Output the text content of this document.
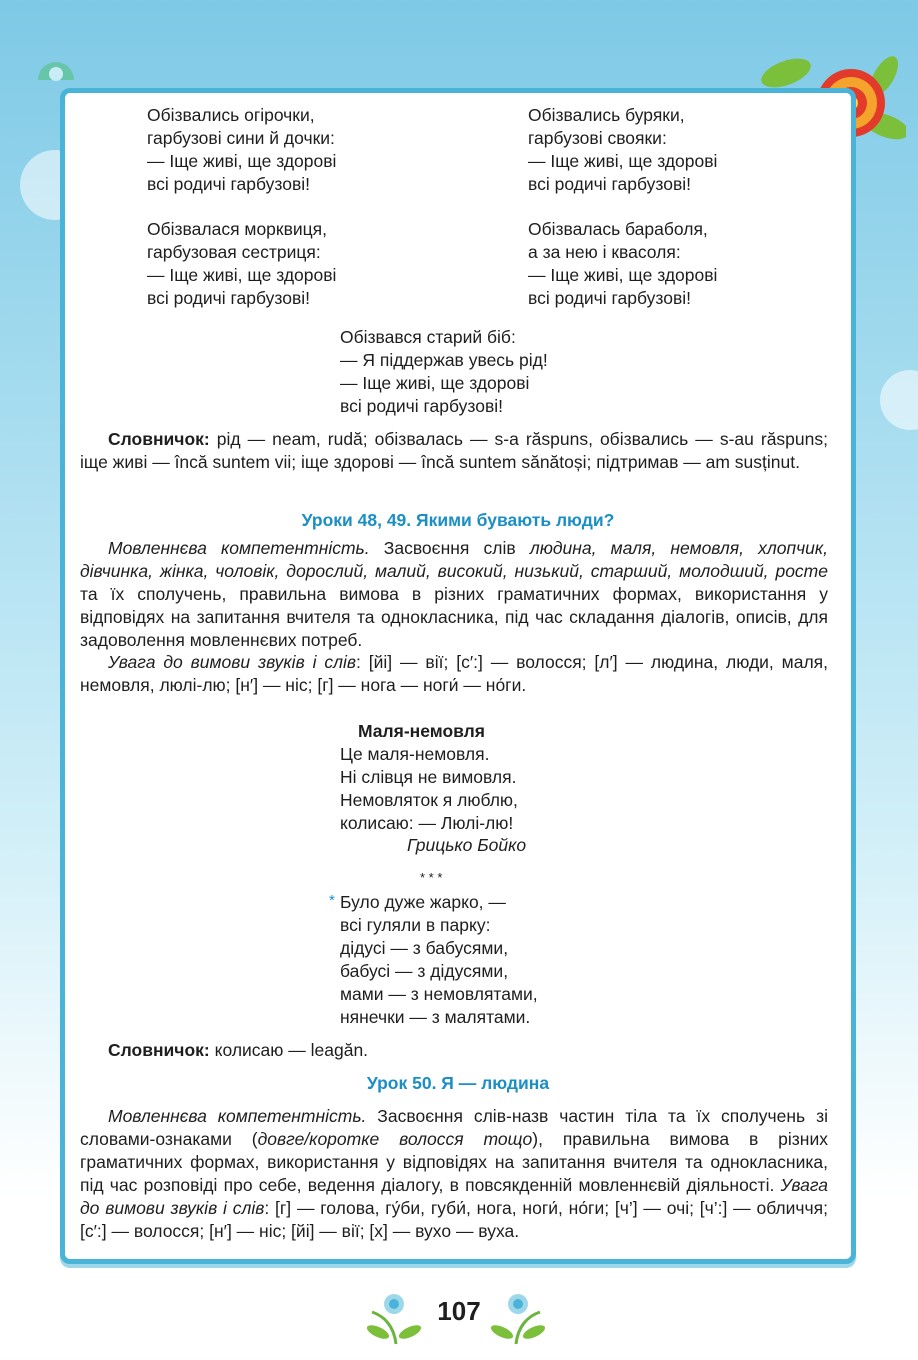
Обізвались огірочки,
гарбузові сини й дочки:
— Іще живі, ще здорові
всі родичі гарбузові!
Обізвались буряки,
гарбузові свояки:
— Іще живі, ще здорові
всі родичі гарбузові!
Обізвалася морквиця,
гарбузовая сестриця:
— Іще живі, ще здорові
всі родичі гарбузові!
Обізвалась бараболя,
а за нею і квасоля:
— Іще живі, ще здорові
всі родичі гарбузові!
Обізвався старий біб:
— Я піддержав увесь рід!
— Іще живі, ще здорові
всі родичі гарбузові!
Словничок: рід — neam, rudă; обізвалась — s-a răspuns, обізвались — s-au răspuns; іще живі — încă suntem vii; іще здорові — încă suntem sănătoși; підтримав — am susținut.
Уроки 48, 49. Якими бувають люди?
Мовленнєва компетентність. Засвоєння слів людина, маля, немовля, хлопчик, дівчинка, жінка, чоловік, дорослий, малий, високий, низький, старший, молодший, росте та їх сполучень, правильна вимова в різних граматичних формах, використання у відповідях на запитання вчителя та однокласника, під час складання діалогів, описів, для задоволення мовленнєвих потреб.
Увага до вимови звуків і слів: [йі] — вії; [с′:] — волосся; [л′] — людина, люди, маля, немовля, люлі-лю; [н′] — ніс; [г] — нога — ноги́ — но́ги.
Маля-немовля
Це маля-немовля.
Ні слівця не вимовля.
Немовляток я люблю,
колисаю: — Люлі-лю!
Грицько Бойко
* * *
* Було дуже жарко, —
всі гуляли в парку:
дідусі — з бабусями,
бабусі — з дідусями,
мами — з немовлятами,
нянечки — з малятами.
Словничок: колисаю — leagăn.
Урок 50. Я — людина
Мовленнєва компетентність. Засвоєння слів-назв частин тіла та їх сполучень зі словами-ознаками (довге/коротке волосся тощо), правильна вимова в різних граматичних формах, використання у відповідях на запитання вчителя та однокласника, під час розповіді про себе, ведення діалогу, в повсякденній мовленнєвій діяльності. Увага до вимови звуків і слів: [г] — голова, гу́би, губи́, нога, ноги́, но́ги; [ч’] — очі; [ч’:] — обличчя; [с′:] — волосся; [н′] — ніс; [йі] — вії; [х] — вухо — вуха.
107
